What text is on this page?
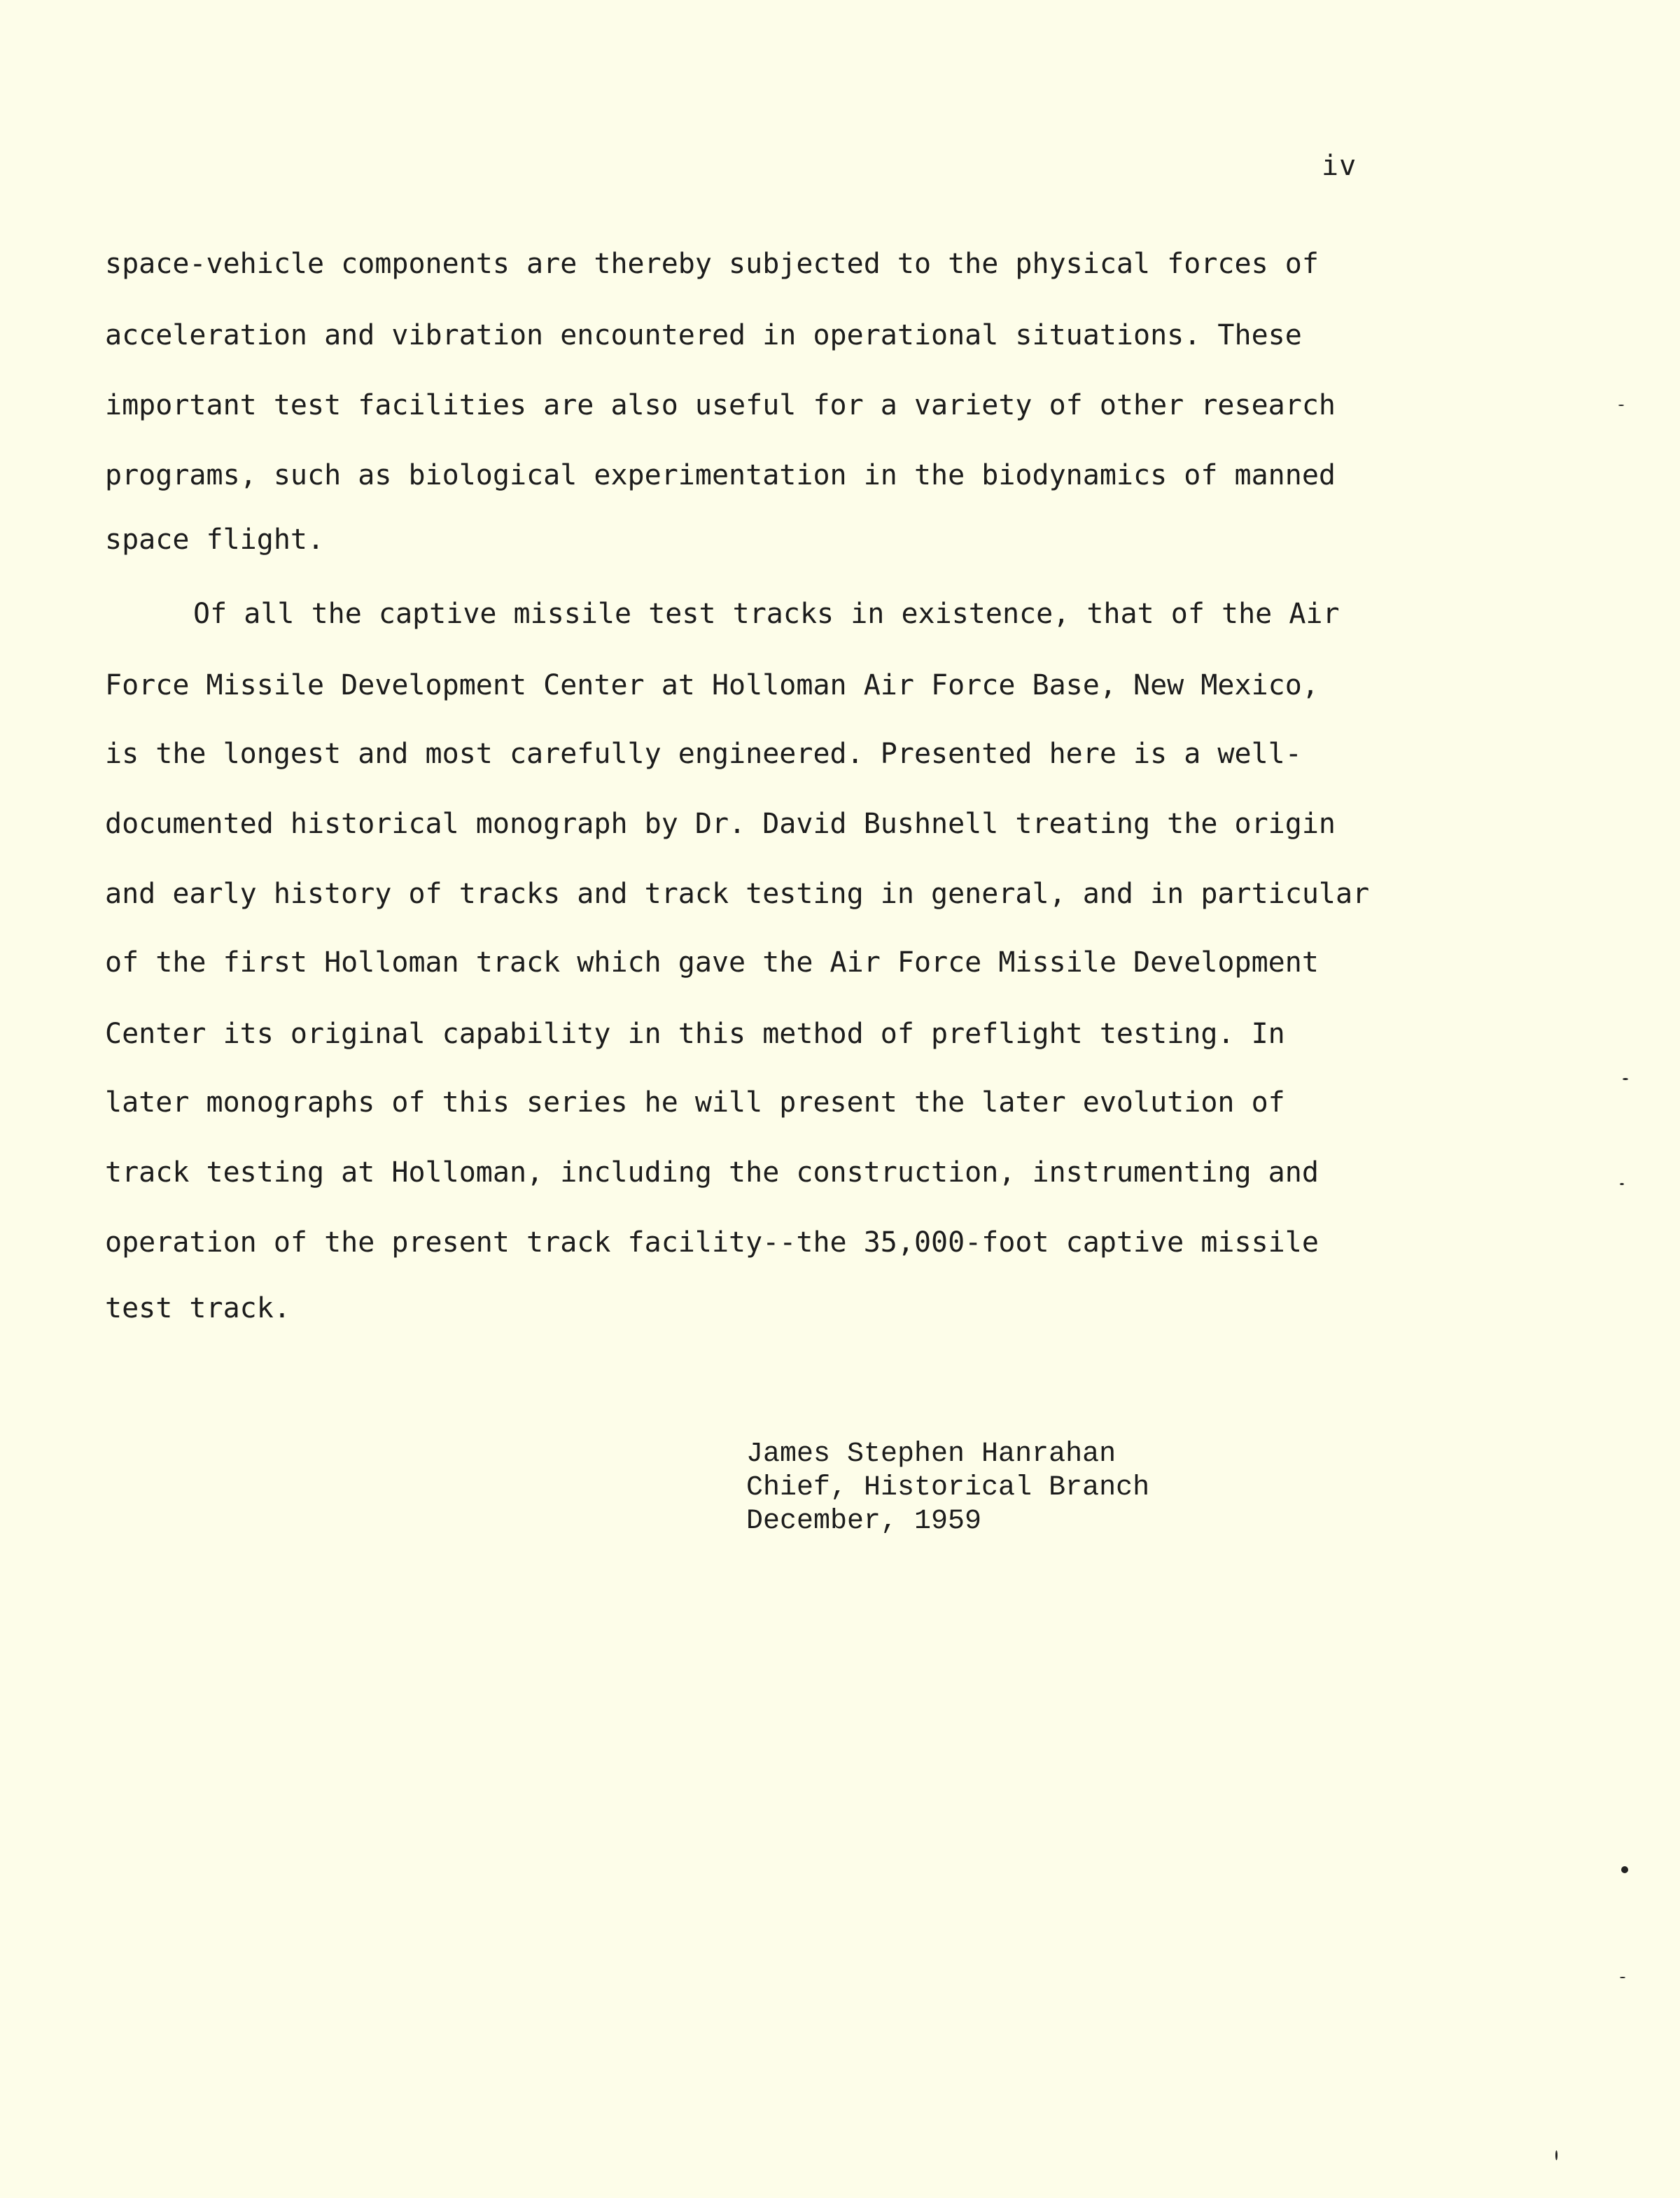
iv
space-vehicle components are thereby subjected to the physical forces of
acceleration and vibration encountered in operational situations. These
important test facilities are also useful for a variety of other research
programs, such as biological experimentation in the biodynamics of manned
space flight.
Of all the captive missile test tracks in existence, that of the Air
Force Missile Development Center at Holloman Air Force Base, New Mexico,
is the longest and most carefully engineered. Presented here is a well-
documented historical monograph by Dr. David Bushnell treating the origin
and early history of tracks and track testing in general, and in particular
of the first Holloman track which gave the Air Force Missile Development
Center its original capability in this method of preflight testing. In
later monographs of this series he will present the later evolution of
track testing at Holloman, including the construction, instrumenting and
operation of the present track facility--the 35,000-foot captive missile
test track.
James Stephen Hanrahan
Chief, Historical Branch
December, 1959
